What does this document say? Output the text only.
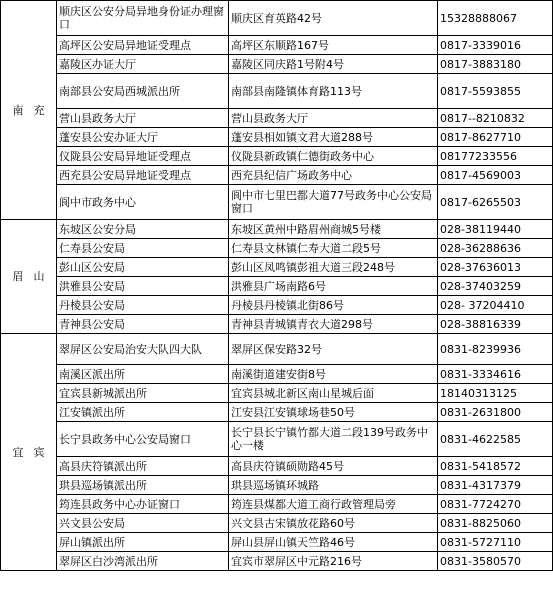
南 充	顺庆区公安分局异地身份证办理窗口	顺庆区育英路42号	15328888067
	高坪区公安局异地证受理点	高坪区东顺路167号	0817-3339016
	嘉陵区办证大厅	嘉陵区同庆路1号附4号	0817-3883180
	南部县公安局西城派出所	南部县南隆镇体育路113号	0817-5593855
	营山县政务大厅	营山县政务大厅	0817--8210832
	蓬安县公安办证大厅	蓬安县相如镇文君大道288号	0817-8627710
	仪陇县公安局异地证受理点	仪陇县新政镇仁德街政务中心	08177233556
	西充县公安局异地证受理点	西充县纪信广场政务中心	0817-4569003
	阆中市政务中心	阆中市七里巴都大道77号政务中心公安局窗口	0817-6265503
眉 山	东坡区公安分局	东坡区黄州中路眉州商城5号楼	028-38119440
	仁寿县公安局	仁寿县文林镇仁寿大道二段5号	028-36288636
	彭山区公安局	彭山区凤鸣镇彭祖大道三段248号	028-37636013
	洪雅县公安局	洪雅县广场南路6号	028-37403259
	丹棱县公安局	丹棱县丹棱镇北街86号	028- 37204410
	青神县公安局	青神县青城镇青衣大道298号	028-38816339
宜 宾	翠屏区公安局治安大队四大队	翠屏区保安路32号	0831-8239936
	南溪区派出所	南溪街道建安街8号	0831-3334616
	宜宾县新城派出所	宜宾县城北新区南山星城后面	18140313125
	江安镇派出所	江安县江安镇球场巷50号	0831-2631800
	长宁县政务中心公安局窗口	长宁县长宁镇竹都大道二段139号政务中心一楼	0831-4622585
	高县庆符镇派出所	高县庆符镇硕勋路45号	0831-5418572
	珙县巡场镇派出所	珙县巡场镇环城路	0831-4317379
	筠连县政务中心办证窗口	筠连县煤都大道工商行政管理局旁	0831-7724270
	兴文县公安局	兴文县古宋镇放花路60号	0831-8825060
	屏山镇派出所	屏山县屏山镇天竺路46号	0831-5727110
	翠屏区白沙湾派出所	宜宾市翠屏区中元路216号	0831-3580570
